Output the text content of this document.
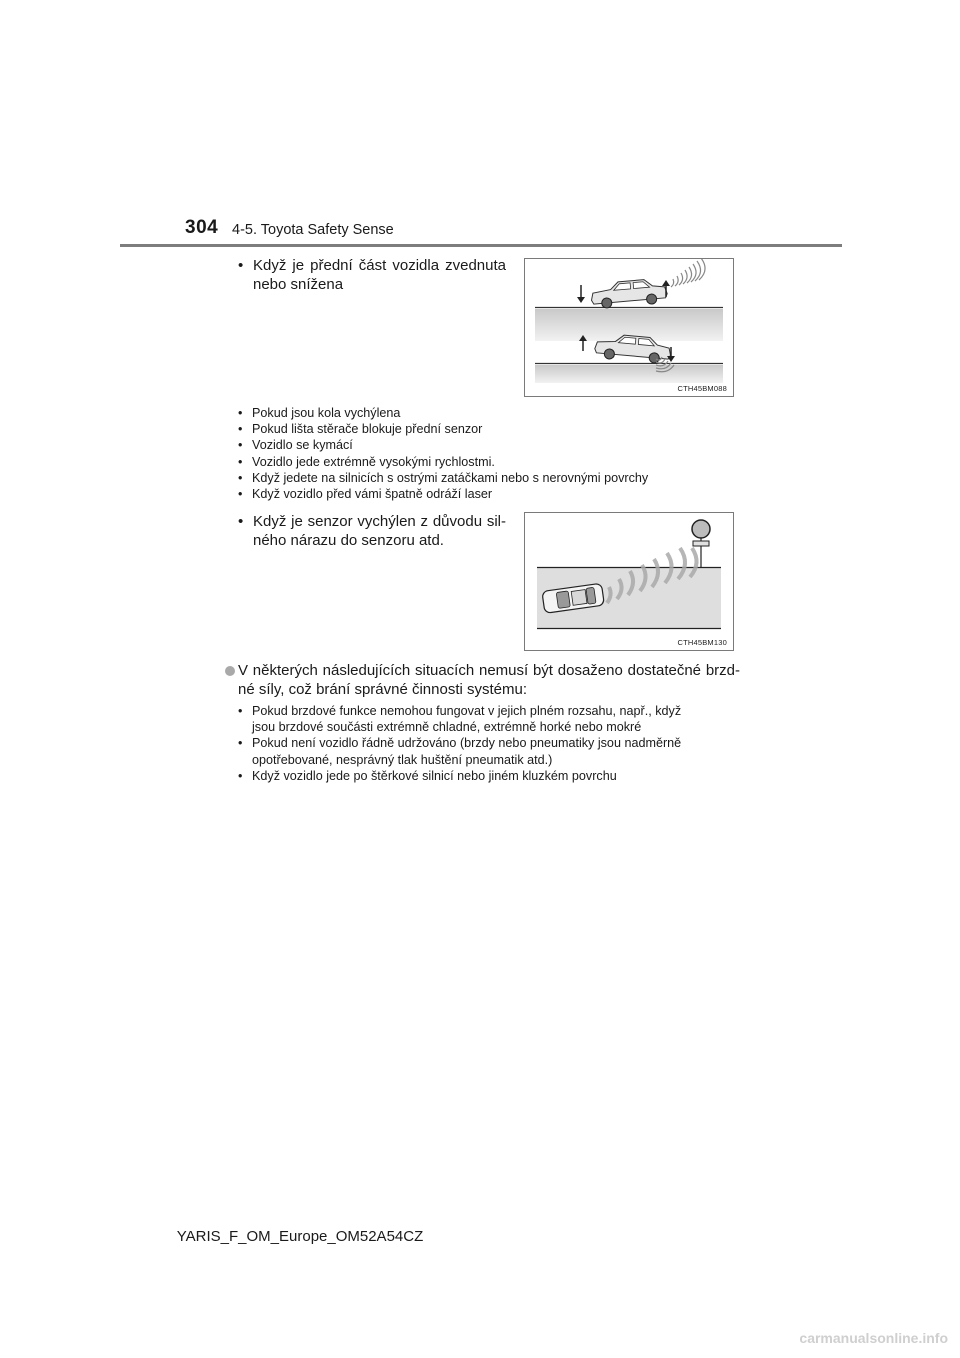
304 4-5. Toyota Safety Sense
• Když je přední část vozidla zvednuta
nebo snížena
CTH45BM088
• Pokud jsou kola vychýlena
• Pokud lišta stěrače blokuje přední senzor
• Vozidlo se kymácí
• Vozidlo jede extrémně vysokými rychlostmi.
• Když jedete na silnicích s ostrými zatáčkami nebo s nerovnými povrchy
• Když vozidlo před vámi špatně odráží laser
• Když je senzor vychýlen z důvodu sil-
ného nárazu do senzoru atd.
CTH45BM130
V některých následujících situacích nemusí být dosaženo dostatečné brzd-
né síly, což brání správné činnosti systému:
• Pokud brzdové funkce nemohou fungovat v jejich plném rozsahu, např., když
jsou brzdové součásti extrémně chladné, extrémně horké nebo mokré
• Pokud není vozidlo řádně udržováno (brzdy nebo pneumatiky jsou nadměrně
opotřebované, nesprávný tlak huštění pneumatik atd.)
• Když vozidlo jede po štěrkové silnicí nebo jiném kluzkém povrchu
YARIS_F_OM_Europe_OM52A54CZ
carmanualsonline.info
